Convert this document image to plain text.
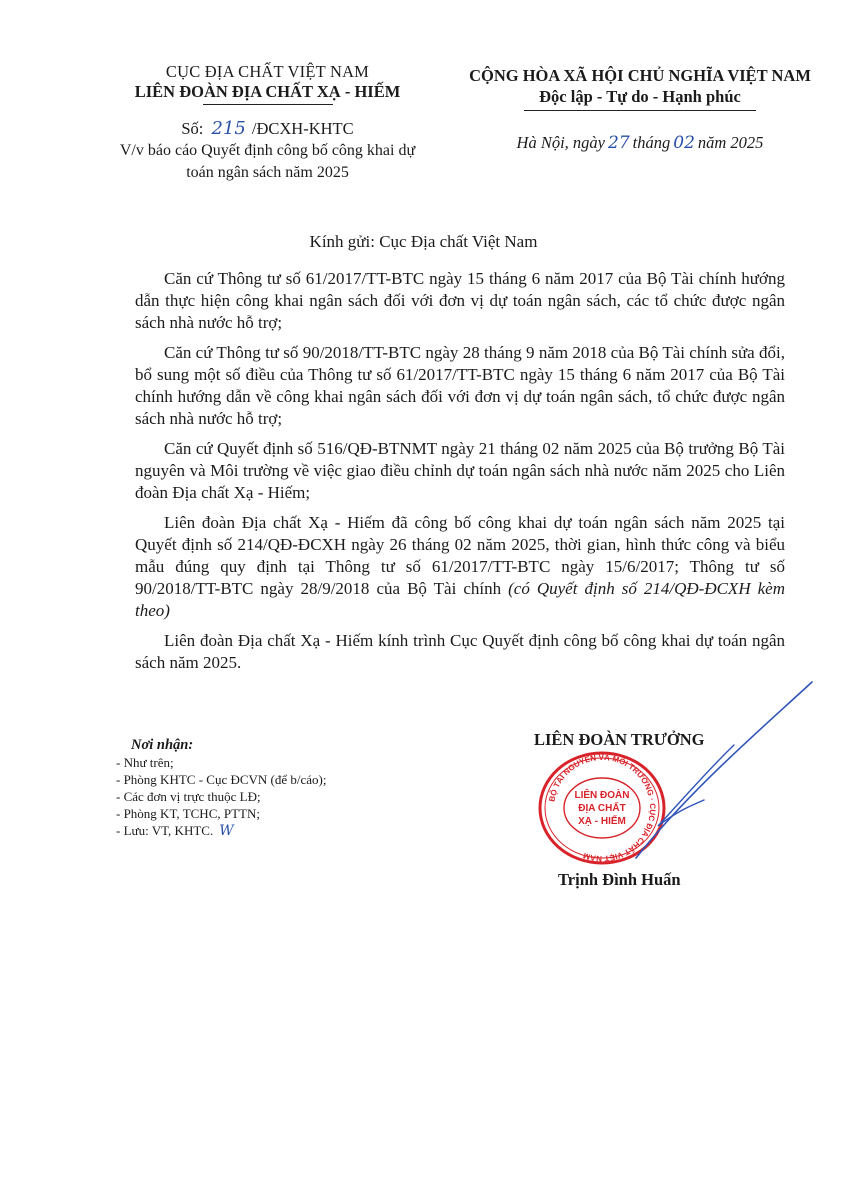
CỤC ĐỊA CHẤT VIỆT NAM
LIÊN ĐOÀN ĐỊA CHẤT XẠ - HIẾM
Số: 215 /ĐCXH-KHTC
V/v báo cáo Quyết định công bố công khai dự
toán ngân sách năm 2025
CỘNG HÒA XÃ HỘI CHỦ NGHĨA VIỆT NAM
Độc lập - Tự do - Hạnh phúc
Hà Nội, ngày 27 tháng 02 năm 2025
Kính gửi: Cục Địa chất Việt Nam

Căn cứ Thông tư số 61/2017/TT-BTC ngày 15 tháng 6 năm 2017 của Bộ Tài chính hướng dẫn thực hiện công khai ngân sách đối với đơn vị dự toán ngân sách, các tổ chức được ngân sách nhà nước hỗ trợ;

Căn cứ Thông tư số 90/2018/TT-BTC ngày 28 tháng 9 năm 2018 của Bộ Tài chính sửa đổi, bổ sung một số điều của Thông tư số 61/2017/TT-BTC ngày 15 tháng 6 năm 2017 của Bộ Tài chính hướng dẫn về công khai ngân sách đối với đơn vị dự toán ngân sách, tổ chức được ngân sách nhà nước hỗ trợ;

Căn cứ Quyết định số 516/QĐ-BTNMT ngày 21 tháng 02 năm 2025 của Bộ trưởng Bộ Tài nguyên và Môi trường về việc giao điều chỉnh dự toán ngân sách nhà nước năm 2025 cho Liên đoàn Địa chất Xạ - Hiếm;

Liên đoàn Địa chất Xạ - Hiếm đã công bố công khai dự toán ngân sách năm 2025 tại Quyết định số 214/QĐ-ĐCXH ngày 26 tháng 02 năm 2025, thời gian, hình thức công và biểu mẫu đúng quy định tại Thông tư số 61/2017/TT-BTC ngày 15/6/2017; Thông tư số 90/2018/TT-BTC ngày 28/9/2018 của Bộ Tài chính (có Quyết định số 214/QĐ-ĐCXH kèm theo)

Liên đoàn Địa chất Xạ - Hiếm kính trình Cục Quyết định công bố công khai dự toán ngân sách năm 2025.

Nơi nhận:
- Như trên;
- Phòng KHTC - Cục ĐCVN (để b/cáo);
- Các đơn vị trực thuộc LĐ;
- Phòng KT, TCHC, PTTN;
- Lưu: VT, KHTC. W
LIÊN ĐOÀN TRƯỞNG
BỘ TÀI NGUYÊN VÀ MÔI TRƯỜNG · CỤC ĐỊA CHẤT VIỆT NAM
LIÊN ĐOÀN
ĐỊA CHẤT
XẠ - HIẾM
Trịnh Đình Huấn
